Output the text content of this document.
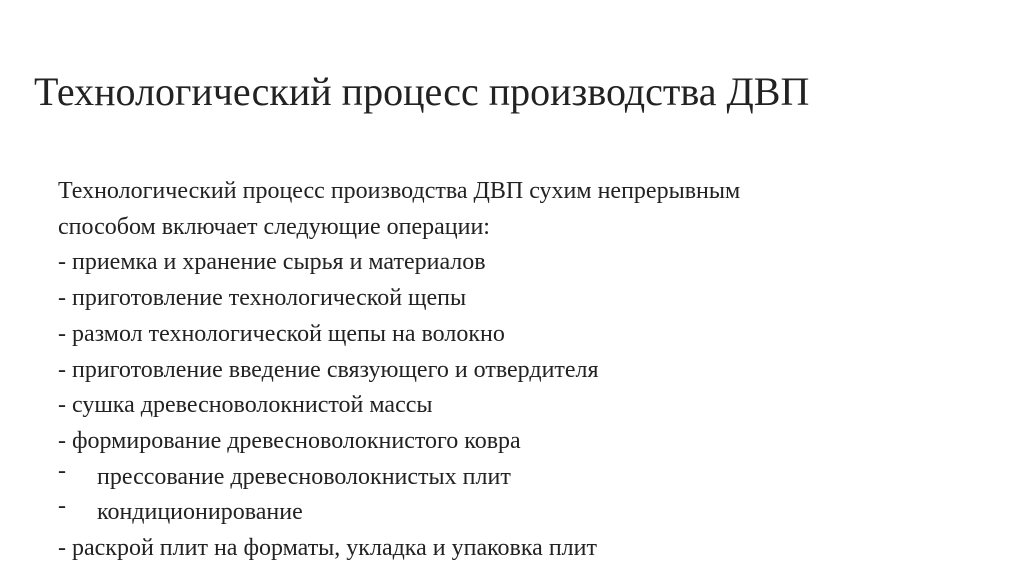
Технологический процесс производства ДВП
Технологический процесс производства ДВП сухим непрерывным
способом включает следующие операции:
- приемка и хранение сырья и материалов
- приготовление технологической щепы
- размол технологической щепы на волокно
- приготовление введение связующего и отвердителя
- сушка древесноволокнистой массы
- формирование древесноволокнистого ковра
- прессование древесноволокнистых плит
- кондиционирование
- раскрой плит на форматы, укладка и упаковка плит
